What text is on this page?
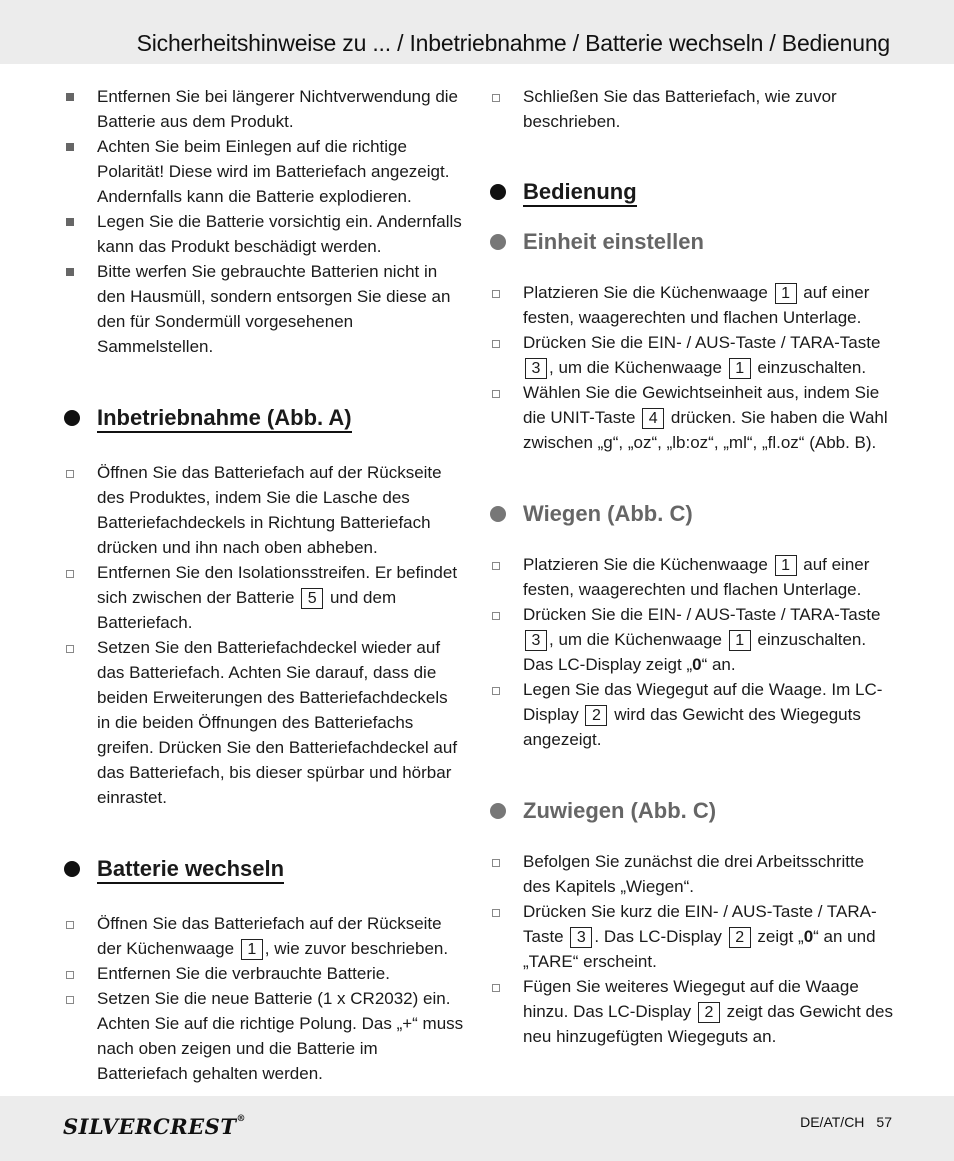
Sicherheitshinweise zu ... / Inbetriebnahme / Batterie wechseln / Bedienung
Entfernen Sie bei längerer Nichtverwendung die Batterie aus dem Produkt.
Achten Sie beim Einlegen auf die richtige Polarität! Diese wird im Batteriefach angezeigt. Andernfalls kann die Batterie explodieren.
Legen Sie die Batterie vorsichtig ein. Andernfalls kann das Produkt beschädigt werden.
Bitte werfen Sie gebrauchte Batterien nicht in den Hausmüll, sondern entsorgen Sie diese an den für Sondermüll vorgesehenen Sammelstellen.
Inbetriebnahme (Abb. A)
Öffnen Sie das Batteriefach auf der Rückseite des Produktes, indem Sie die Lasche des Batteriefachdeckels in Richtung Batteriefach drücken und ihn nach oben abheben.
Entfernen Sie den Isolationsstreifen. Er befindet sich zwischen der Batterie 5 und dem Batteriefach.
Setzen Sie den Batteriefachdeckel wieder auf das Batteriefach. Achten Sie darauf, dass die beiden Erweiterungen des Batteriefachdeckels in die beiden Öffnungen des Batteriefachs greifen. Drücken Sie den Batteriefachdeckel auf das Batteriefach, bis dieser spürbar und hörbar einrastet.
Batterie wechseln
Öffnen Sie das Batteriefach auf der Rückseite der Küchenwaage 1 , wie zuvor beschrieben.
Entfernen Sie die verbrauchte Batterie.
Setzen Sie die neue Batterie (1 x CR2032) ein. Achten Sie auf die richtige Polung. Das „+“ muss nach oben zeigen und die Batterie im Batteriefach gehalten werden.
Schließen Sie das Batteriefach, wie zuvor beschrieben.
Bedienung
Einheit einstellen
Platzieren Sie die Küchenwaage 1 auf einer festen, waagerechten und flachen Unterlage.
Drücken Sie die EIN- / AUS-Taste / TARA-Taste 3 , um die Küchenwaage 1 einzuschalten.
Wählen Sie die Gewichtseinheit aus, indem Sie die UNIT-Taste 4 drücken. Sie haben die Wahl zwischen „g“, „oz“, „lb:oz“, „ml“, „fl.oz“ (Abb. B).
Wiegen (Abb. C)
Platzieren Sie die Küchenwaage 1 auf einer festen, waagerechten und flachen Unterlage.
Drücken Sie die EIN- / AUS-Taste / TARA-Taste 3 , um die Küchenwaage 1 einzuschalten. Das LC-Display zeigt „0“ an.
Legen Sie das Wiegegut auf die Waage. Im LC-Display 2 wird das Gewicht des Wiegeguts angezeigt.
Zuwiegen (Abb. C)
Befolgen Sie zunächst die drei Arbeitsschritte des Kapitels „Wiegen“.
Drücken Sie kurz die EIN- / AUS-Taste / TARA-Taste 3 . Das LC-Display 2 zeigt „0“ an und „TARE“ erscheint.
Fügen Sie weiteres Wiegegut auf die Waage hinzu. Das LC-Display 2 zeigt das Gewicht des neu hinzugefügten Wiegeguts an.
SILVERCREST®	DE/AT/CH 57
